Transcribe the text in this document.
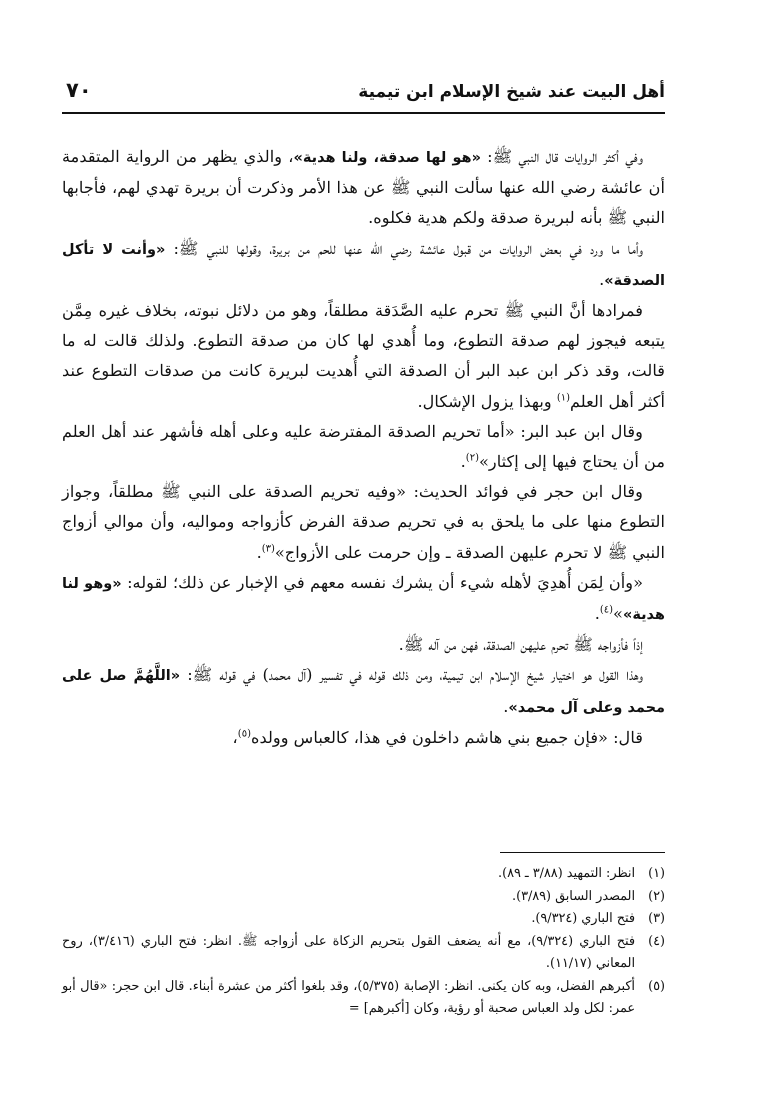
أهل البيت عند شيخ الإسلام ابن تيمية
٧٠

وفي أكثر الروايات قال النبي ﷺ: «هو لها صدقة، ولنا هدية»، والذي يظهر من الرواية المتقدمة أن عائشة رضي الله عنها سألت النبي ﷺ عن هذا الأمر وذكرت أن بريرة تهدي لهم، فأجابها النبي ﷺ بأنه لبريرة صدقة ولكم هدية فكلوه.

وأما ما ورد في بعض الروايات من قبول عائشة رضي الله عنها للحم من بريرة، وقولها للنبي ﷺ: «وأنت لا تأكل الصدقة».

فمرادها أنَّ النبي ﷺ تحرم عليه الصَّدَقة مطلقاً، وهو من دلائل نبوته، بخلاف غيره مِمَّن يتبعه فيجوز لهم صدقة التطوع، وما أُهدي لها كان من صدقة التطوع. ولذلك قالت له ما قالت، وقد ذكر ابن عبد البر أن الصدقة التي أُهديت لبريرة كانت من صدقات التطوع عند أكثر أهل العلم$^{(١)}$ وبهذا يزول الإشكال.

وقال ابن عبد البر: «أما تحريم الصدقة المفترضة عليه وعلى أهله فأشهر عند أهل العلم من أن يحتاج فيها إلى إكثار»$^{(٢)}$.

وقال ابن حجر في فوائد الحديث: «وفيه تحريم الصدقة على النبي ﷺ مطلقاً، وجواز التطوع منها على ما يلحق به في تحريم صدقة الفرض كأزواجه ومواليه، وأن موالي أزواج النبي ﷺ لا تحرم عليهن الصدقة ـ وإن حرمت على الأزواج»$^{(٣)}$.

«وأن لِمَن أُهدِيَ لأهله شيء أن يشرك نفسه معهم في الإخبار عن ذلك؛ لقوله: «وهو لنا هدية»»$^{(٤)}$.

إذاً فأزواجه ﷺ تحرم عليهن الصدقة، فهن من آله ﷺ.

وهذا القول هو اختيار شيخ الإسلام ابن تيمية، ومن ذلك قوله في تفسير (آل محمد) في قوله ﷺ: «اللَّهُمَّ صل على محمد وعلى آل محمد».

قال: «فإن جميع بني هاشم داخلون في هذا، كالعباس وولده$^{(٥)}$،

(١)
انظر: التمهيد (٣/٨٨ ـ ٨٩).

(٢)
المصدر السابق (٣/٨٩).

(٣)
فتح الباري (٩/٣٢٤).

(٤)
فتح الباري (٩/٣٢٤)، مع أنه يضعف القول بتحريم الزكاة على أزواجه ﷺ. انظر: فتح الباري (٣/٤١٦)، روح المعاني (١١/١٧).

(٥)
أكبرهم الفضل، وبه كان يكنى. انظر: الإصابة (٥/٣٧٥)، وقد بلغوا أكثر من عشرة أبناء. قال ابن حجر: «قال أبو عمر: لكل ولد العباس صحبة أو رؤية، وكان [أكبرهم] =
